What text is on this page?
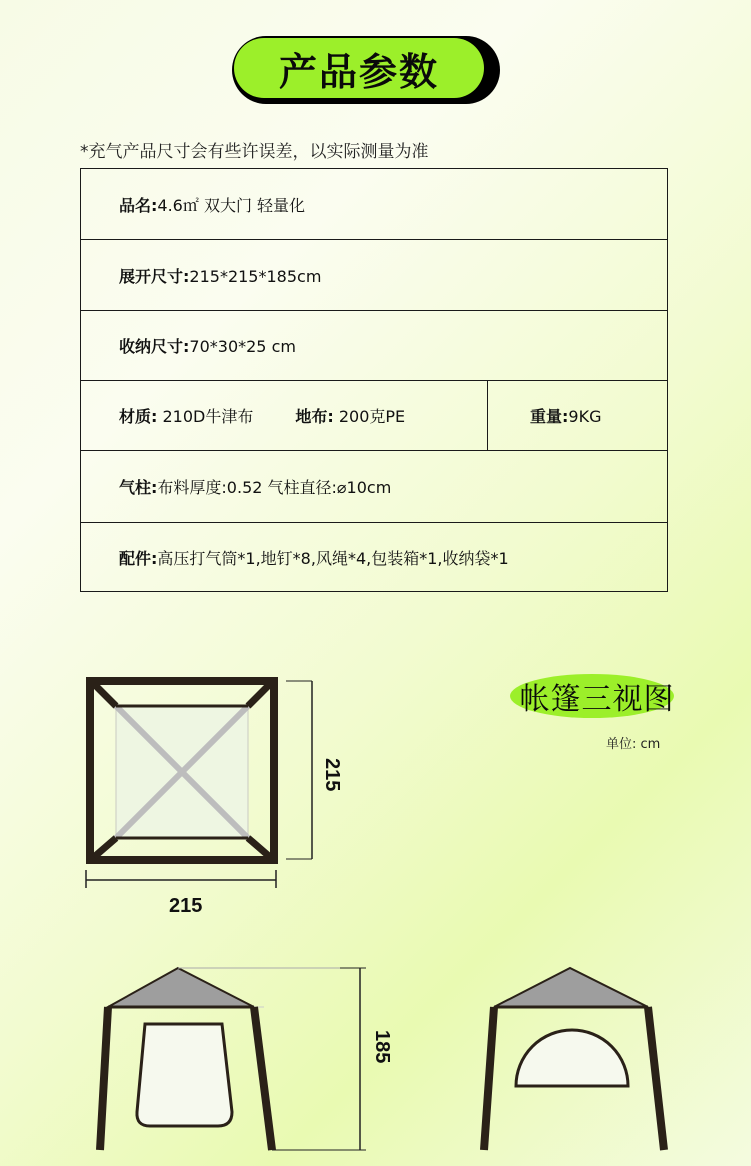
产品参数
*充气产品尺寸会有些许误差，以实际测量为准
品名:4.6㎡ 双大门 轻量化
展开尺寸:215*215*185cm
收纳尺寸:70*30*25 cm
材质: 210D牛津布	地布: 200克PE	重量:9KG
气柱:布料厚度:0.52 气柱直径:⌀10cm
配件:高压打气筒*1,地钉*8,风绳*4,包装箱*1,收纳袋*1
帐篷三视图
单位: cm
215
215
185
